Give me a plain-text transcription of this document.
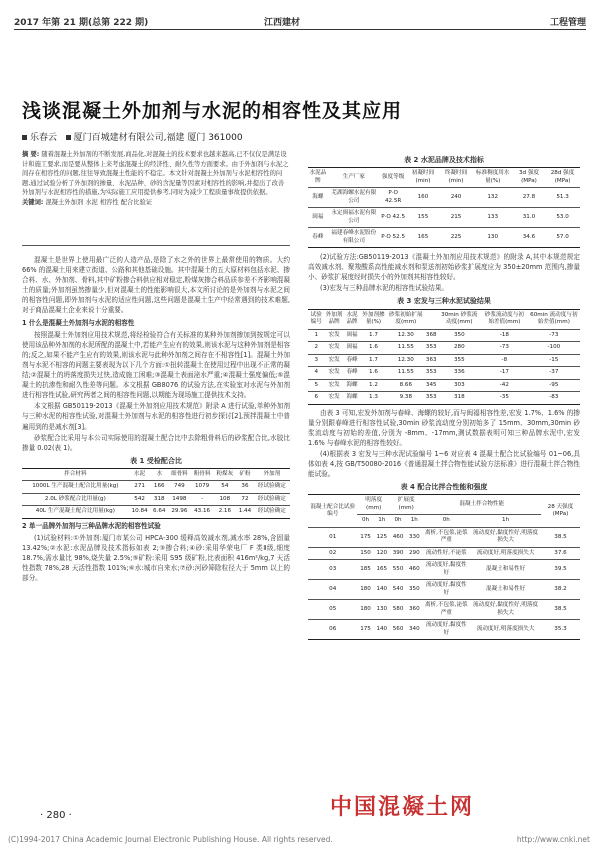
2017 年第 21 期(总第 222 期)	江西建材	工程管理
浅谈混凝土外加剂与水泥的相容性及其应用
乐春云 厦门百城建材有限公司,福建 厦门 361000
摘 要: 随着混凝土外加剂的不断发展,商品化,对混凝土的技术要求也越来越高,已不仅仅是满足设计和施工要求,而是要从整体上来考虑混凝土的经济性、耐久性等方面要求。由于外加剂与水泥之间存在相容性的问题,往往导致混凝土性能的不稳定。本文针对混凝土外加剂与水泥相容性的问题,通过试验分析了外加剂的掺量、水泥品种、砂的含泥量等因素对相容性的影响,并提出了改善外加剂与水泥相容性的措施,为实际施工应用提供参考,同时为减少工程质量事故提供依据。
关键词: 混凝土外加剂 水泥 相容性 配合比验证

混凝土是世界上使用最广泛的人造产品,是除了水之外的世界上最常使用的物质。大约 66% 的混凝土用来建立街道、公路和其他基础设施。其中混凝土的五大原材料包括水泥、掺合料、水、外加剂、骨料,其中矿粉掺合料供应相对稳定,粉煤灰掺合料品质参差不齐影响混凝土的质量;外加剂虽然掺量少,但对混凝土的性能影响很大,本文所讨论的是外加剂与水泥之间的相容性问题,即外加剂与水泥的适应性问题,这些问题是混凝土生产中经常遇到的技术难题,对于商品混凝土企业来说十分重要。

1 什么是混凝土外加剂与水泥的相容性

按照混凝土外加剂应用技术规范,将经检验符合有关标准的某种外加剂掺加到按规定可以使用该品种外加剂的水泥所配的混凝土中,若能产生应有的效果,则该水泥与这种外加剂是相容的;反之,如果不能产生应有的效果,则该水泥与此种外加剂之间存在不相容性[1]。混凝土外加剂与水泥不相容的问题主要表现为以下几个方面:①扭转混凝土在使用过程中出现不正常的凝结;②混凝土的坍落度损失过快,造成施工困难;③混凝土表面泌水严重;④混凝土强度偏低;⑤混凝土的抗渗性和耐久性差等问题。本文根据 GB8076 的试验方法,在实验室对水泥与外加剂进行相容性试验,研究两者之间的相容性问题,以期能为现场施工提供技术支持。

本文根据 GB50119-2013《混凝土外加剂应用技术规范》附录 A 进行试验,单种外加剂与三种水泥的相容性试验,对混凝土外加剂与水泥的相容性进行初步探讨[2],预拌混凝土中普遍用到的是减水剂[3]。

砂浆配合比采用与本公司实际使用的混凝土配合比中去除粗骨料后的砂浆配合比,水胶比掺量 0.02(表 1)。

表 1 受检配合比
拌合材料	水泥	水	细骨料	粗骨料	粉煤灰	矿粉	外加剂
1000L 生产混凝土配合比用量(kg)	271	166	749	1079	54	36	经试验确定
2.0L 砂浆配合比用量(g)	542	318	1498	-	108	72	经试验确定
40L 生产混凝土配合比用量(kg)	10.84	6.64	29.96	43.16	2.16	1.44	经试验确定

2 单一品牌外加剂与三种品牌水泥的相容性试验

(1)试验材料:①外加剂:厦门市某公司 HPCA-300 缓释高效减水剂,减水率 28%,含固量 13.42%;②水泥:水泥品牌及技术指标如表 2;③掺合料;④砂:采用华荣电厂 F 类Ⅱ级,细度 18.7%,需水量比 98%,烧失量 2.5%;⑤矿粉:采用 S95 级矿粉,比表面积 416m²/kg,7 天活性指数 78%,28 天活性指数 101%;⑥水:城市自来水;⑦砂:河砂筛除粒径大于 5mm 以上的部分。

表 2 水泥品牌及技术指标
水泥品牌	生产厂家	强度等级	初凝时间(min)	终凝时间(min)	标准稠度用水量(%)	3d 强度(MPa)	28d 强度(MPa)
海螺	芜湖海螺水泥有限公司	P·O 42.5R	160	240	132	27.8	51.3
闽福	永定闽福水泥有限公司	P·O 42.5	155	215	133	31.0	53.0
春峰	福建春峰水泥股份有限公司	P·O 52.5	165	225	130	34.6	57.0

(2)试验方法:GB50119-2013《混凝土外加剂应用技术规范》的附录 A,其中本规范规定高效减水剂、聚羧酸系高性能减水剂和泵送剂初始砂浆扩展度应为 350±20mm 范围内,掺量小、砂浆扩展度经时损失小的外加剂其相容性较好。

(3)宏发与三种品牌水泥的相容性试验结果。

表 3 宏发与三种水泥试验结果
试验编号	外加剂品牌	水泥品牌	外加剂掺量(%)	砂浆初始扩展度(mm)		30min 砂浆流动度(mm)	砂浆流动度与初始差值(mm)	60min 流动度与初始差值(mm)
1	宏发	闽福	1.7	12.30	368	350	-18	-73
2	宏发	闽福	1.6	11.55	353	280	-73	-100
3	宏发	春峰	1.7	12.30	363	355	-8	-15
4	宏发	春峰	1.6	11.55	353	336	-17	-37
5	宏发	海螺	1.2	8.66	345	303	-42	-95
6	宏发	海螺	1.3	9.38	353	318	-35	-83

由表 3 可知,宏发外加剂与春峰、海螺的较好,而与闽福相容性差,宏发 1.7%、1.6% 的掺量分别跟春峰进行相容性试验,30min 砂浆流动度分别初始多了 15mm、30mm,30min 砂浆流动度与初始的差值,分别为 -8mm、-17mm,测试数据表明可知三种品牌水泥中,宏发 1.6% 与春峰水泥的相容性较好。

(4)根据表 3 宏发与三种水泥试验编号 1~6 对应表 4 混凝土配合比试验编号 01~06,具体如表 4,按 GB/T50080-2016《普通混凝土拌合物性能试验方法标准》进行混凝土拌合物性能试验。

表 4 配合比拌合性能和强度
混凝土配合比试验编号	明落度(mm)		扩展度(mm)		混凝土拌合物性能		28 天强度(MPa)
	0h	1h	0h	1h	0h	1h	
01	175	125	460	330	离析,不包浆,泌浆严重	流动度好,黏度性好,明落度损失大	38.5
02	150	120	390	290	流动性好,不泌浆	流动度好,明落度损失大	37.6
03	185	165	550	460	流动度好,黏度性好	混凝土和易性好	39.5
04	180	140	540	350	流动度好,黏度性好	混凝土和易性好	38.2
05	180	130	580	360	离析,不包浆,泌浆严重	流动度好,黏度性好,明落度损失大	38.5
06	175	140	560	340	流动度好,黏度性好	流动度好,明落度损失大	35.3
· 280 ·	中国混凝土网
(C)1994-2017 China Academic Journal Electronic Publishing House. All rights reserved.	http://www.cnki.net
